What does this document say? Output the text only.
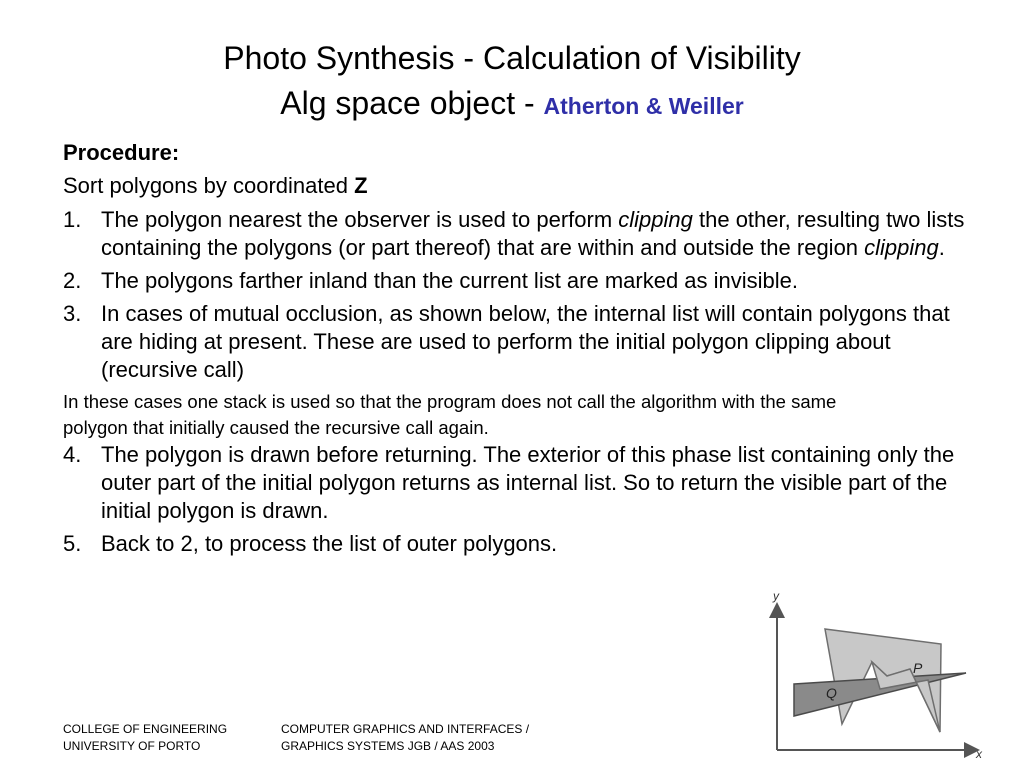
Photo Synthesis - Calculation of Visibility
Alg space object - Atherton & Weiller

Procedure:

Sort polygons by coordinated Z

1. The polygon nearest the observer is used to perform clipping the other, resulting two lists containing the polygons (or part thereof) that are within and outside the region clipping.
2. The polygons farther inland than the current list are marked as invisible.
3. In cases of mutual occlusion, as shown below, the internal list will contain polygons that are hiding at present. These are used to perform the initial polygon clipping about (recursive call)

In these cases one stack is used so that the program does not call the algorithm with the same polygon that initially caused the recursive call again.

4. The polygon is drawn before returning. The exterior of this phase list containing only the outer part of the initial polygon returns as internal list. So to return the visible part of the initial polygon is drawn.
5. Back to 2, to process the list of outer polygons.
y
x
P
Q
COLLEGE OF ENGINEERING
UNIVERSITY OF PORTO
COMPUTER GRAPHICS AND INTERFACES /
GRAPHICS SYSTEMS JGB / AAS 2003
